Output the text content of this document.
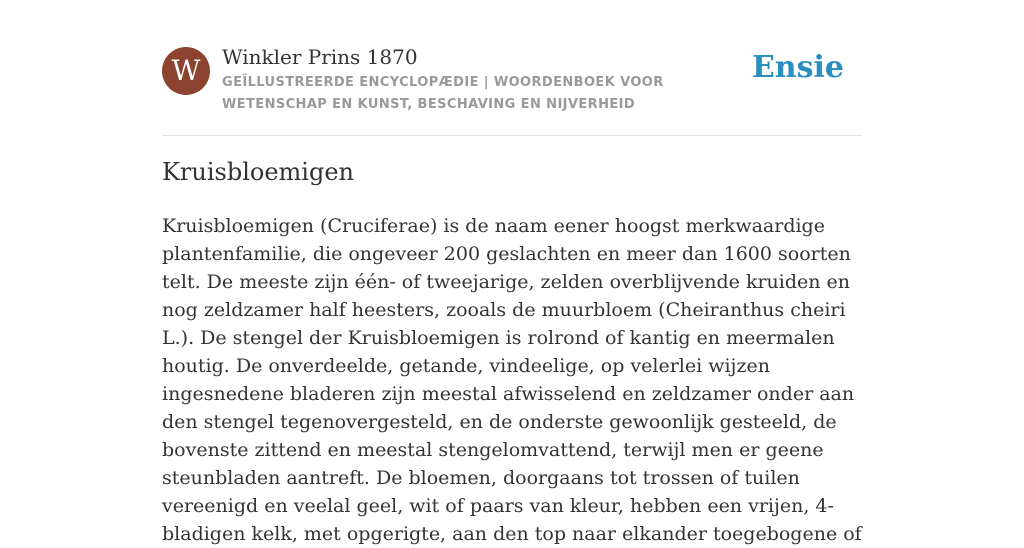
W	Winkler Prins 1870
GEÏLLUSTREERDE ENCYCLOPÆDIE | WOORDENBOEK VOOR WETENSCHAP EN KUNST, BESCHAVING EN NIJVERHEID
Ensie
Kruisbloemigen

Kruisbloemigen (Cruciferae) is de naam eener hoogst merkwaardige plantenfamilie, die ongeveer 200 geslachten en meer dan 1600 soorten telt. De meeste zijn één- of tweejarige, zelden overblijvende kruiden en nog zeldzamer half heesters, zooals de muurbloem (Cheiranthus cheiri L.). De stengel der Kruisbloemigen is rolrond of kantig en meermalen houtig. De onverdeelde, getande, vindeelige, op velerlei wijzen ingesnedene bladeren zijn meestal afwisselend en zeldzamer onder aan den stengel tegenovergesteld, en de onderste gewoonlijk gesteeld, de bovenste zittend en meestal stengelomvattend, terwijl men er geene steunbladen aantreft. De bloemen, doorgaans tot trossen of tuilen vereenigd en veelal geel, wit of paars van kleur, hebben een vrijen, 4-bladigen kelk, met opgerigte, aan den top naar elkander toegebogene of
